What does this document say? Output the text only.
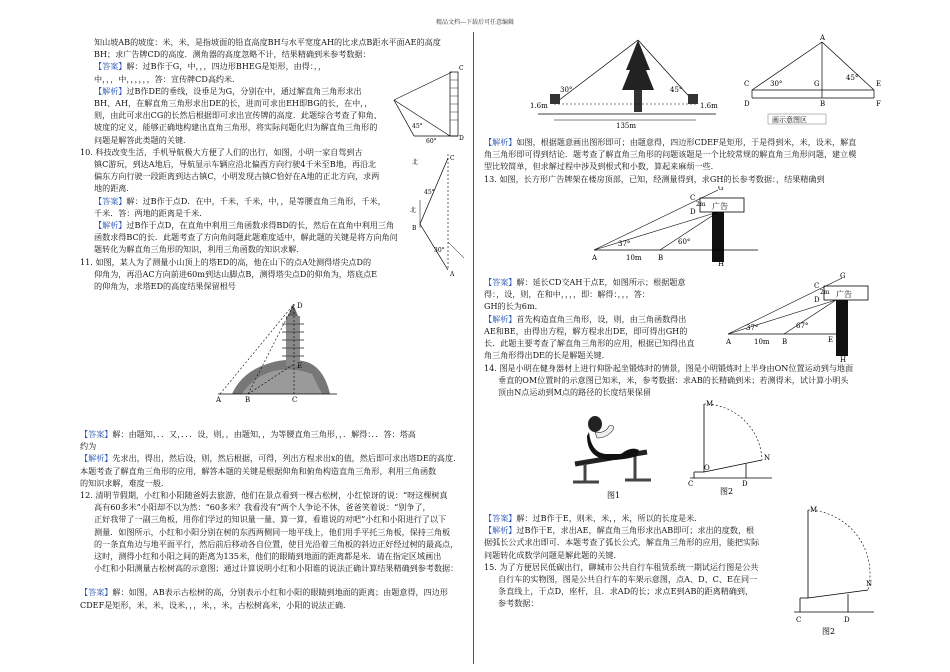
精品文档---下载后可任意编辑

知山坡AB的坡度：米，米，是指坡面的铅直高度BH与水平宽度AH的比求点B距水平面AE的高度

BH；求广告牌CD的高度．测角器的高度忽略不计，结果精确到米参考数据：

【答案】解：过B作于G，中，，，四边形BHEG是矩形，由得：，，

中，，，中，，，，，，答：宣传牌CD高约米．

【解析】过B作DE的垂线，设垂足为G，分别在中，通过解直角三角形求出

BH、AH，在解直角三角形求出DE的长，进而可求出EH即BG的长，在中，，

则，由此可求出CG的长然后根据即可求出宣传牌的高度．此题综合考查了仰角、

坡度的定义，能够正确地构建出直角三角形，将实际问题化归为解直角三角形的

问题是解答此类题的关键．

10. 科技改变生活，手机导航极大方便了人们的出行，如图，小明一家自驾到古

镇C游玩，到达A地后，导航显示车辆应沿北偏西方向行驶4千米至B地，再沿北

偏东方向行驶一段距离到达古镇C，小明发现古镇C恰好在A地的正北方向，求两

地的距离．

【答案】解：过B作于点D．在中，千米，千米，中，，是等腰直角三角形，千米，

千米．答：两地的距离是千米．

【解析】过B作于点D，在直角中利用三角函数求得BD的长，然后在直角中利用三角

函数求得BC的长．此题考查了方向角问题此题难度适中，解此题的关键是将方向角问

题转化为解直角三角形的知识，利用三角函数的知识求解．

11. 如图，某人为了测量小山顶上的塔ED的高，他在山下的点A处测得塔尖点D的

仰角为，再沿AC方向前进60m到达山脚点B，测得塔尖点D的仰角为，塔底点E

的仰角为，求塔ED的高度结果保留根号

A	B	C
E
D
45°
60°
C
D
北
北
45°
30°
C
B
A

【答案】解：由题知，．．又，．．．设，则，，由题知，，为等腰直角三角形，，．解得：．．答：塔高

约为

【解析】先求出，得出，然后设，则，然后根据，可得，列出方程求出x的值，然后即可求出塔DE的高度．

本题考查了解直角三角形的应用，解答本题的关键是根据仰角和俯角构造直角三角形，利用三角函数

的知识求解，难度一般．

12. 清明节假期，小红和小阳随爸妈去旅游，他们在景点看到一棵古松树，小红惊讶的说：“呀这棵树真

高有60多米”小阳却不以为然：“60多米？我看没有”两个人争论不休，爸爸笑着说：“别争了，

正好我带了一副三角板，用你们学过的知识量一量、算一算，看谁说的对吧”小红和小阳进行了以下

测量．如图所示，小红和小阳分别在树的东西两侧同一地平线上，他们用手平托三角板，保持三角板

的一条直角边与地平面平行，然后前后移动各自位置，使目光沿着三角板的斜边正好经过树的最高点，

这时，测得小红和小阳之间的距离为135米，他们的眼睛到地面的距离都是米．请在指定区域画出

小红和小阳测量古松树高的示意图；通过计算说明小红和小阳谁的说法正确计算结果精确到参考数据：

【答案】解：如图，AB表示古松树的高，分别表示小红和小阳的眼睛到地面的距离；由题意得，四边形

CDEF是矩形，米，米，设米，，，米，，米，古松树高米，小阳的说法正确．

30°	45°
1.6m	1.6m
135m
A
C	G	E
30°
45°
D	B	F
画示意图区

【解析】如图，根据题意画出图形即可；由题意得，四边形CDEF是矩形，于是得到米，米，设米，解直

角三角形即可得到结论．题考查了解直角三角形的问题该题是一个比较常规的解直角三角形问题，建立模

型比较简单，但求解过程中涉及到根式和小数，算起来麻烦一些．

13. 如图，长方形广告牌架在楼房顶部，已知，经测量得到，求GH的长参考数据：，结果精确到

广告
G
C
D
2m
37°	60°
10m
A	B
H

【答案】解：延长CD交AH于点E，如图所示；根据题意

得：，设，则，在和中，，，，即：解得：，，，答：

GH的长为6m．

【解析】首先构造直角三角形，设，则，由三角函数得出

AE和BE，由得出方程，解方程求出DE，即可得出GH的

长．此题主要考查了解直角三角形的应用，根据已知得出直

角三角形得出DE的长是解题关键．

广告
G
C
D
2m
37°	67°
10m
A	B	E
H

14. 图是小明在健身器材上进行仰卧起坐锻炼时的情景，图是小明锻炼时上半身由ON位置运动到与地面

垂直的OM位置时的示意图已知米，米，参考数据：求AB的长精确到米；若测得米，试计算小明头

顶由N点运动到M点的路径的长度结果保留

图1
M
N
O
C	D
图2

【答案】解：过B作于E，则米，米，，米，所以的长度是米．

【解析】过B作于E，求出AE，解直角三角形求出AB即可；求出的度数，根

据弧长公式求出即可．本题考查了弧长公式，解直角三角形的应用，能把实际

问题转化成数学问题是解此题的关键．

15. 为了方便居民低碳出行，聊城市公共自行车租赁系统一期试运行图是公共

自行车的实物图，图是公共自行车的车架示意图，点A、D、C、E在同一

条直线上，于点D，座杆，且．求AD的长；求点E到AB的距离精确到，

参考数据：

M
N
C	D
图2
